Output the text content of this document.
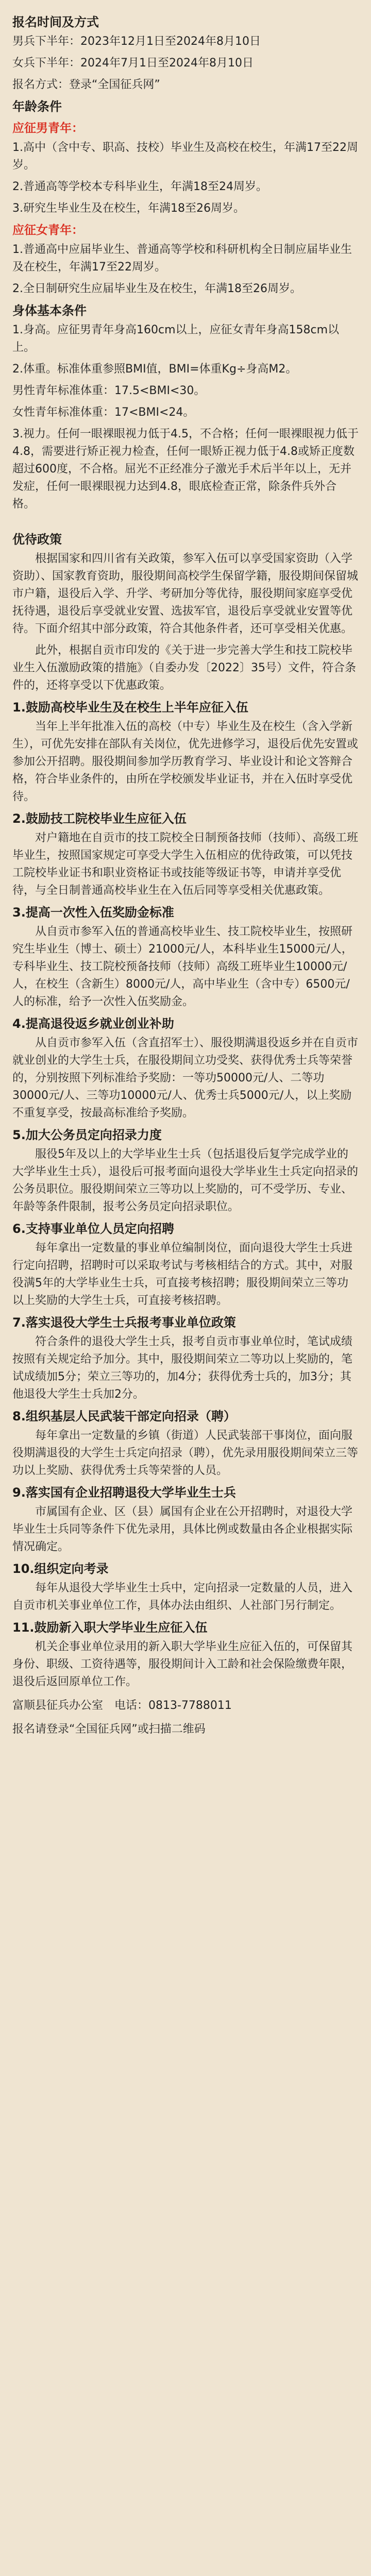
报名时间及方式
男兵下半年：2023年12月1日至2024年8月10日
女兵下半年：2024年7月1日至2024年8月10日
报名方式：登录“全国征兵网”
年龄条件
应征男青年：
1.高中（含中专、职高、技校）毕业生及高校在校生，年满17至22周岁。
2.普通高等学校本专科毕业生，年满18至24周岁。
3.研究生毕业生及在校生，年满18至26周岁。
应征女青年：
1.普通高中应届毕业生、普通高等学校和科研机构全日制应届毕业生及在校生，年满17至22周岁。
2.全日制研究生应届毕业生及在校生，年满18至26周岁。
身体基本条件
1.身高。应征男青年身高160cm以上，应征女青年身高158cm以上。
2.体重。标准体重参照BMI值，BMI=体重Kg÷身高M2。
男性青年标准体重：17.5<BMI<30。
女性青年标准体重：17<BMI<24。
3.视力。任何一眼裸眼视力低于4.5，不合格；任何一眼裸眼视力低于4.8，需要进行矫正视力检查，任何一眼矫正视力低于4.8或矫正度数超过600度，不合格。屈光不正经准分子激光手术后半年以上，无并发症，任何一眼裸眼视力达到4.8，眼底检查正常，除条件兵外合格。
优待政策
根据国家和四川省有关政策，参军入伍可以享受国家资助（入学资助）、国家教育资助，服役期间高校学生保留学籍，服役期间保留城市户籍，退役后入学、升学、考研加分等优待，服役期间家庭享受优抚待遇，退役后享受就业安置、选拔军官，退役后享受就业安置等优待。下面介绍其中部分政策，符合其他条件者，还可享受相关优惠。
此外，根据自贡市印发的《关于进一步完善大学生和技工院校毕业生入伍激励政策的措施》（自委办发〔2022〕35号）文件，符合条件的，还将享受以下优惠政策。
1.鼓励高校毕业生及在校生上半年应征入伍
当年上半年批准入伍的高校（中专）毕业生及在校生（含入学新生），可优先安排在部队有关岗位，优先进修学习，退役后优先安置或参加公开招聘。服役期间参加学历教育学习、毕业设计和论文答辩合格，符合毕业条件的，由所在学校颁发毕业证书，并在入伍时享受优待。
2.鼓励技工院校毕业生应征入伍
对户籍地在自贡市的技工院校全日制预备技师（技师）、高级工班毕业生，按照国家规定可享受大学生入伍相应的优待政策，可以凭技工院校毕业证书和职业资格证书或技能等级证书等，申请并享受优待，与全日制普通高校毕业生在入伍后同等享受相关优惠政策。
3.提高一次性入伍奖励金标准
从自贡市参军入伍的普通高校毕业生、技工院校毕业生，按照研究生毕业生（博士、硕士）21000元/人，本科毕业生15000元/人，专科毕业生、技工院校预备技师（技师）高级工班毕业生10000元/人，在校生（含新生）8000元/人，高中毕业生（含中专）6500元/人的标准，给予一次性入伍奖励金。
4.提高退役返乡就业创业补助
从自贡市参军入伍（含直招军士）、服役期满退役返乡并在自贡市就业创业的大学生士兵，在服役期间立功受奖、获得优秀士兵等荣誉的，分别按照下列标准给予奖励：一等功50000元/人、二等功30000元/人、三等功10000元/人、优秀士兵5000元/人，以上奖励不重复享受，按最高标准给予奖励。
5.加大公务员定向招录力度
服役5年及以上的大学毕业生士兵（包括退役后复学完成学业的大学毕业生士兵），退役后可报考面向退役大学毕业生士兵定向招录的公务员职位。服役期间荣立三等功以上奖励的，可不受学历、专业、年龄等条件限制，报考公务员定向招录职位。
6.支持事业单位人员定向招聘
每年拿出一定数量的事业单位编制岗位，面向退役大学生士兵进行定向招聘，招聘时可以采取考试与考核相结合的方式。其中，对服役满5年的大学毕业生士兵，可直接考核招聘；服役期间荣立三等功以上奖励的大学生士兵，可直接考核招聘。
7.落实退役大学生士兵报考事业单位政策
符合条件的退役大学生士兵，报考自贡市事业单位时，笔试成绩按照有关规定给予加分。其中，服役期间荣立二等功以上奖励的，笔试成绩加5分；荣立三等功的，加4分；获得优秀士兵的，加3分；其他退役大学生士兵加2分。
8.组织基层人民武装干部定向招录（聘）
每年拿出一定数量的乡镇（街道）人民武装部干事岗位，面向服役期满退役的大学生士兵定向招录（聘），优先录用服役期间荣立三等功以上奖励、获得优秀士兵等荣誉的人员。
9.落实国有企业招聘退役大学毕业生士兵
市属国有企业、区（县）属国有企业在公开招聘时，对退役大学毕业生士兵同等条件下优先录用，具体比例或数量由各企业根据实际情况确定。
10.组织定向考录
每年从退役大学毕业生士兵中，定向招录一定数量的人员，进入自贡市机关事业单位工作，具体办法由组织、人社部门另行制定。
11.鼓励新入职大学毕业生应征入伍
机关企事业单位录用的新入职大学毕业生应征入伍的，可保留其身份、职级、工资待遇等，服役期间计入工龄和社会保险缴费年限，退役后返回原单位工作。
富顺县征兵办公室　电话：0813-7788011
报名请登录“全国征兵网”或扫描二维码
